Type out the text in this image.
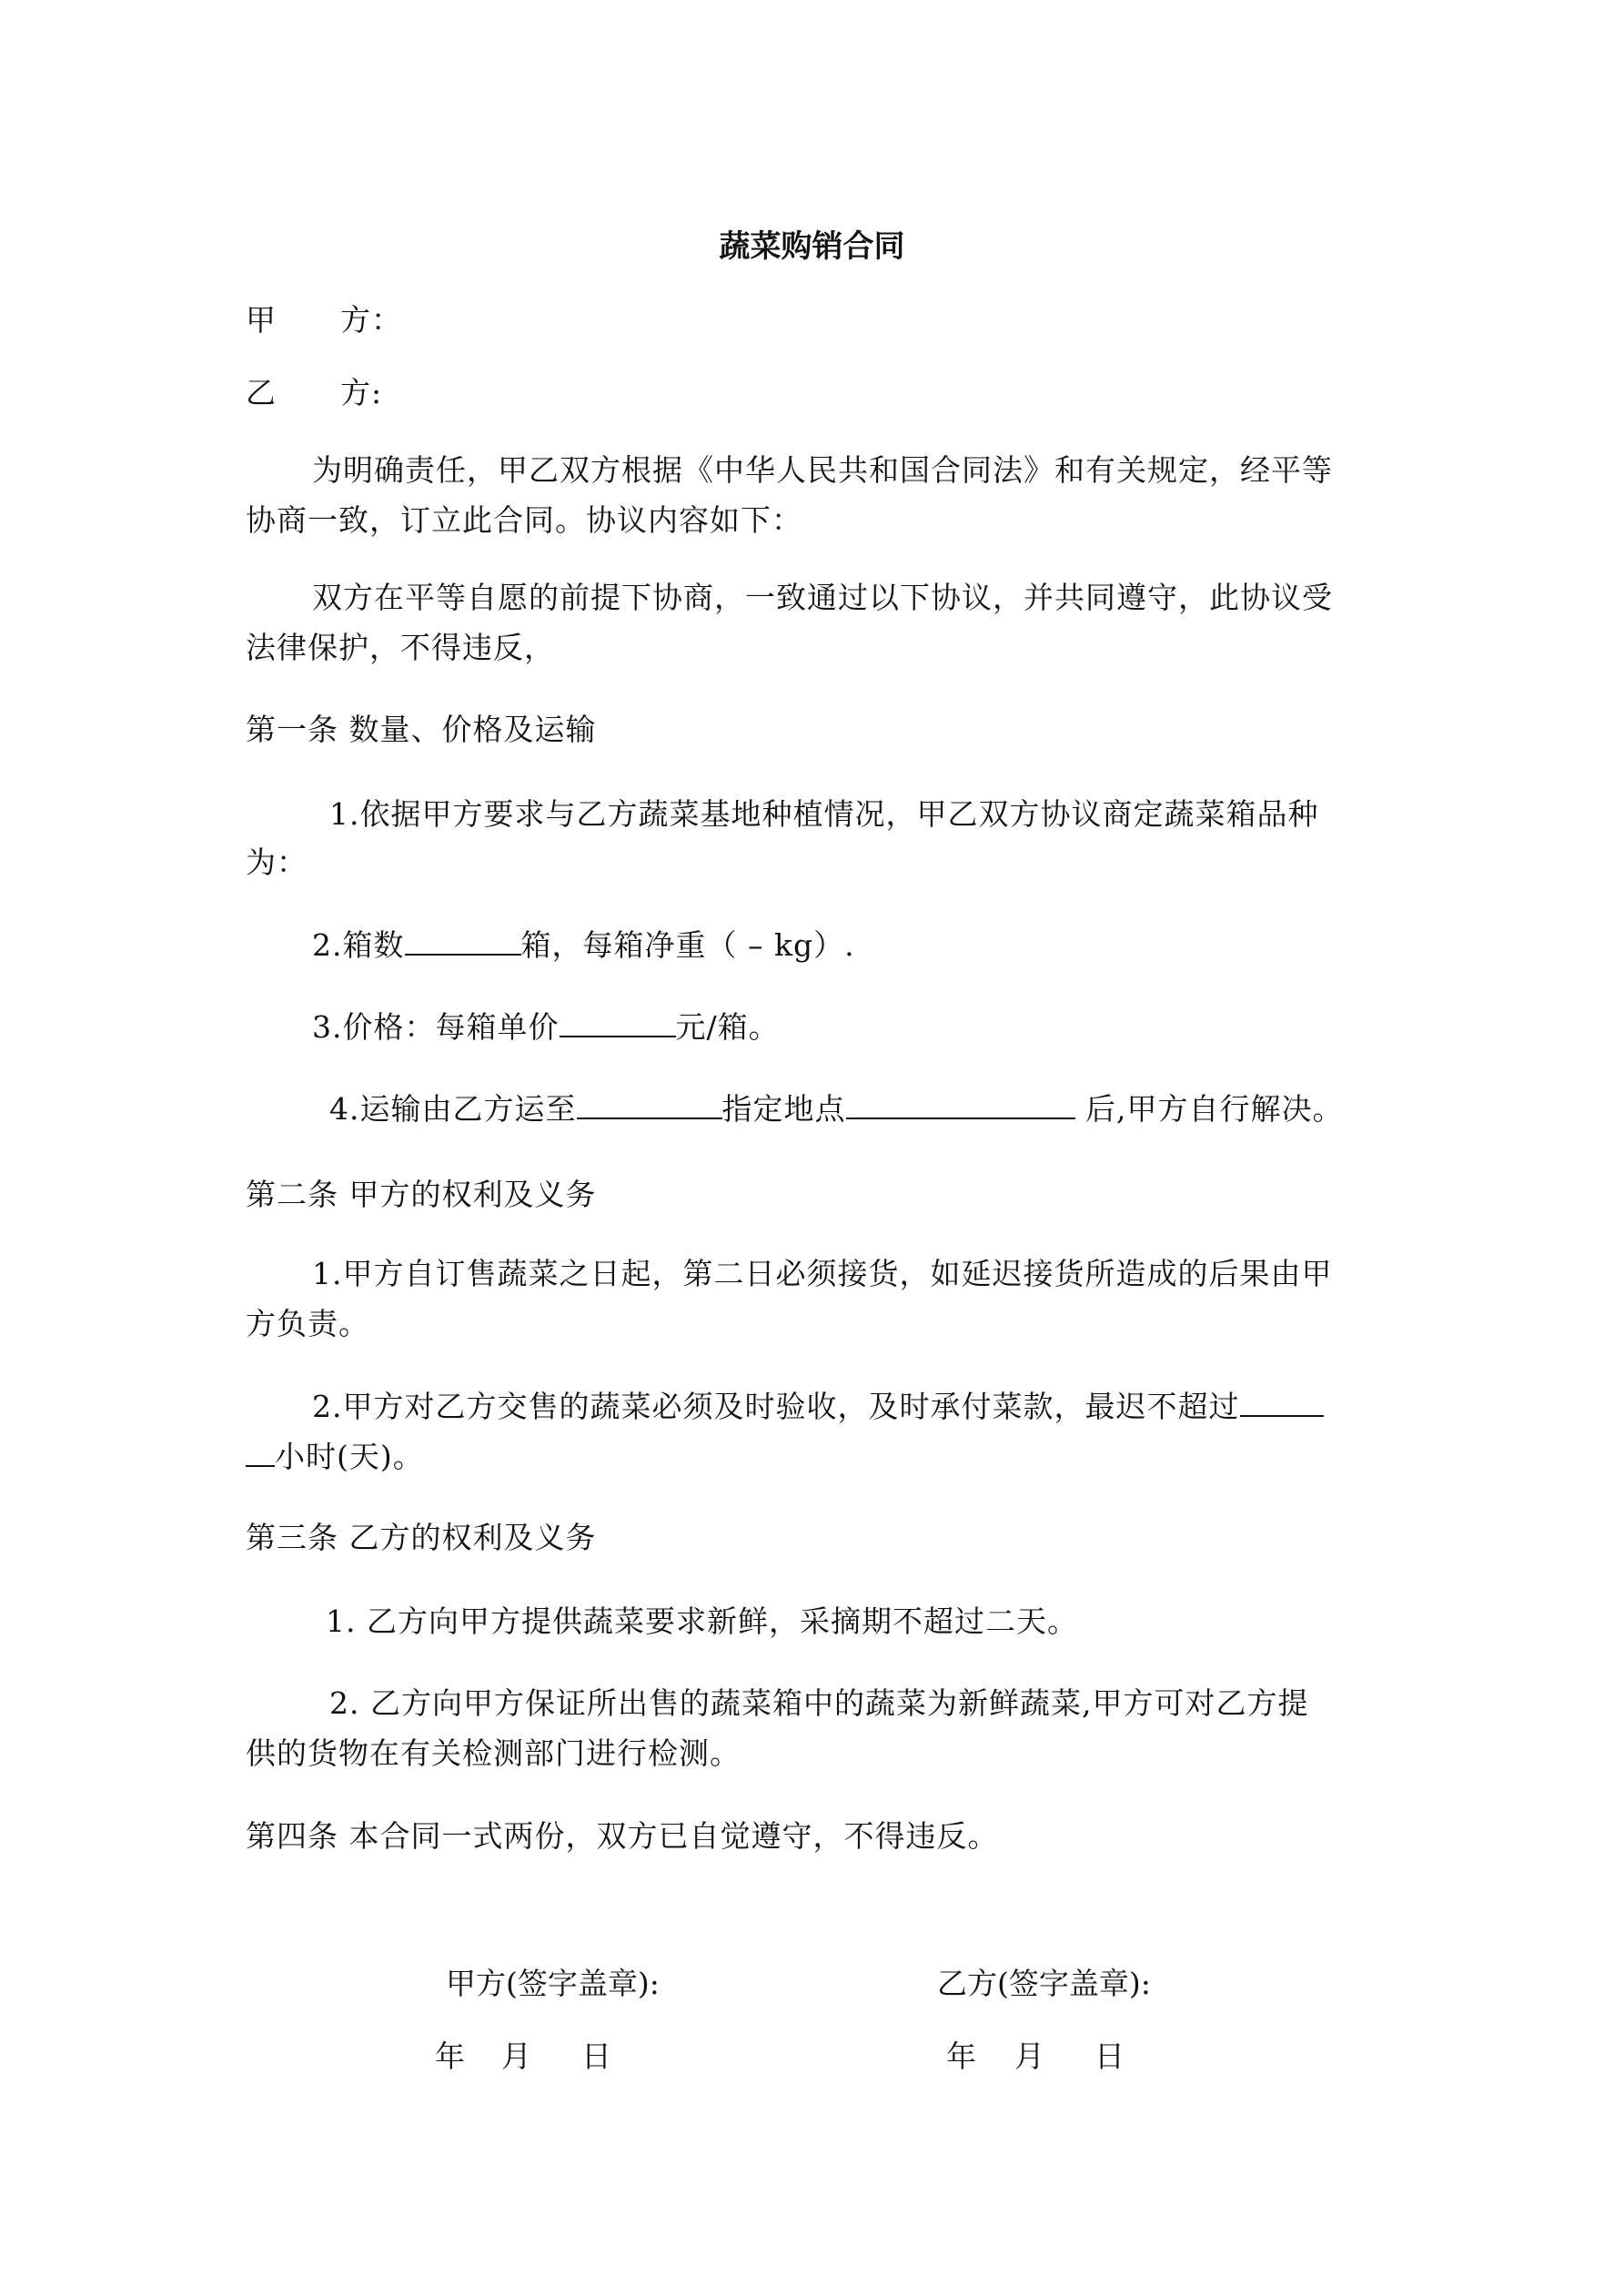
蔬菜购销合同
甲 方：
乙 方:
为明确责任，甲乙双方根据《中华人民共和国合同法》和有关规定，经平等
协商一致，订立此合同。协议内容如下：
双方在平等自愿的前提下协商，一致通过以下协议，并共同遵守，此协议受
法律保护，不得违反，
第一条 数量、价格及运输
1.依据甲方要求与乙方蔬菜基地种植情况，甲乙双方协议商定蔬菜箱品种
为：
2.箱数	箱，每箱净重（ – kg）.
3.价格：每箱单价	元/箱。
4.运输由乙方运至	指定地点	后,甲方自行解决。
第二条 甲方的权利及义务
1.甲方自订售蔬菜之日起，第二日必须接货，如延迟接货所造成的后果由甲
方负责。
2.甲方对乙方交售的蔬菜必须及时验收，及时承付菜款，最迟不超过
小时(天)。
第三条 乙方的权利及义务
1. 乙方向甲方提供蔬菜要求新鲜，采摘期不超过二天。
2. 乙方向甲方保证所出售的蔬菜箱中的蔬菜为新鲜蔬菜,甲方可对乙方提
供的货物在有关检测部门进行检测。
第四条 本合同一式两份，双方已自觉遵守，不得违反。
甲方(签字盖章):	乙方(签字盖章):
年 月 日	年 月 日
